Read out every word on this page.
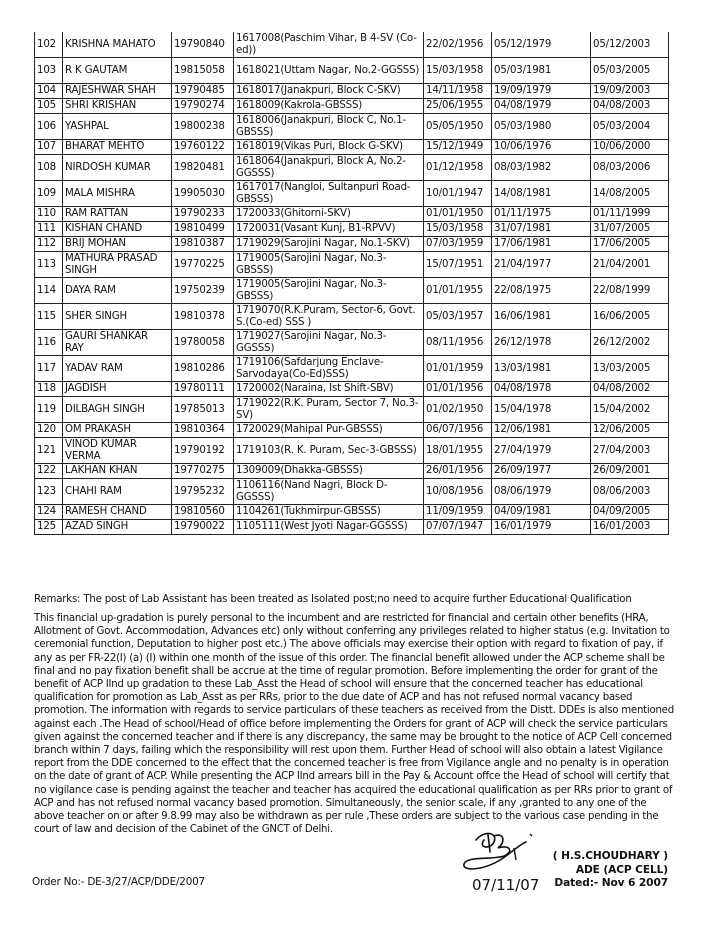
102	KRISHNA MAHATO	19790840	1617008(Paschim Vihar, B 4-SV (Co-ed))	22/02/1956	05/12/1979	05/12/2003
103	R K GAUTAM	19815058	1618021(Uttam Nagar, No.2-GGSSS)	15/03/1958	05/03/1981	05/03/2005
104	RAJESHWAR SHAH	19790485	1618017(Janakpuri, Block C-SKV)	14/11/1958	19/09/1979	19/09/2003
105	SHRI KRISHAN	19790274	1618009(Kakrola-GBSSS)	25/06/1955	04/08/1979	04/08/2003
106	YASHPAL	19800238	1618006(Janakpuri, Block C, No.1-GBSSS)	05/05/1950	05/03/1980	05/03/2004
107	BHARAT MEHTO	19760122	1618019(Vikas Puri, Block G-SKV)	15/12/1949	10/06/1976	10/06/2000
108	NIRDOSH KUMAR	19820481	1618064(Janakpuri, Block A, No.2-GGSSS)	01/12/1958	08/03/1982	08/03/2006
109	MALA MISHRA	19905030	1617017(Nangloi, Sultanpuri Road-GBSSS)	10/01/1947	14/08/1981	14/08/2005
110	RAM RATTAN	19790233	1720033(Ghitorni-SKV)	01/01/1950	01/11/1975	01/11/1999
111	KISHAN CHAND	19810499	1720031(Vasant Kunj, B1-RPVV)	15/03/1958	31/07/1981	31/07/2005
112	BRIJ MOHAN	19810387	1719029(Sarojini Nagar, No.1-SKV)	07/03/1959	17/06/1981	17/06/2005
113	MATHURA PRASAD SINGH	19770225	1719005(Sarojini Nagar, No.3-GBSSS)	15/07/1951	21/04/1977	21/04/2001
114	DAYA RAM	19750239	1719005(Sarojini Nagar, No.3-GBSSS)	01/01/1955	22/08/1975	22/08/1999
115	SHER SINGH	19810378	1719070(R.K.Puram, Sector-6, Govt. S.(Co-ed) SSS )	05/03/1957	16/06/1981	16/06/2005
116	GAURI SHANKAR RAY	19780058	1719027(Sarojini Nagar, No.3-GGSSS)	08/11/1956	26/12/1978	26/12/2002
117	YADAV RAM	19810286	1719106(Safdarjung Enclave-Sarvodaya(Co-Ed)SSS)	01/01/1959	13/03/1981	13/03/2005
118	JAGDISH	19780111	1720002(Naraina, Ist Shift-SBV)	01/01/1956	04/08/1978	04/08/2002
119	DILBAGH SINGH	19785013	1719022(R.K. Puram, Sector 7, No.3-SV)	01/02/1950	15/04/1978	15/04/2002
120	OM PRAKASH	19810364	1720029(Mahipal Pur-GBSSS)	06/07/1956	12/06/1981	12/06/2005
121	VINOD KUMAR VERMA	19790192	1719103(R. K. Puram, Sec-3-GBSSS)	18/01/1955	27/04/1979	27/04/2003
122	LAKHAN KHAN	19770275	1309009(Dhakka-GBSSS)	26/01/1956	26/09/1977	26/09/2001
123	CHAHI RAM	19795232	1106116(Nand Nagri, Block D-GGSSS)	10/08/1956	08/06/1979	08/06/2003
124	RAMESH CHAND	19810560	1104261(Tukhmirpur-GBSSS)	11/09/1959	04/09/1981	04/09/2005
125	AZAD SINGH	19790022	1105111(West Jyoti Nagar-GGSSS)	07/07/1947	16/01/1979	16/01/2003
Remarks: The post of Lab Assistant has been treated as Isolated post;no need to acquire further Educational Qualification
This financial up-gradation is purely personal to the incumbent and are restricted for financial and certain other benefits (HRA, Allotment of Govt. Accommodation, Advances etc) only without conferring any privileges related to higher status (e.g. Invitation to ceremonial function, Deputation to higher post etc.) The above officials may exercise their option with regard to fixation of pay, if any as per FR-22(I) (a) (I) within one month of the issue of this order. The financial benefit allowed under the ACP scheme shall be final and no pay fixation benefit shall be accrue at the time of regular promotion. Before implementing the order for grant of the benefit of ACP IInd up gradation to these Lab_Asst the Head of school will ensure that the concerned teacher has educational qualification for promotion as Lab_Asst as per RRs, prior to the due date of ACP and has not refused normal vacancy based promotion. The information with regards to service particulars of these teachers as received from the Distt. DDEs is also mentioned against each .The Head of school/Head of office before implementing the Orders for grant of ACP will check the service particulars given against the concerned teacher and if there is any discrepancy, the same may be brought to the notice of ACP Cell concerned branch within 7 days, failing which the responsibility will rest upon them. Further Head of school will also obtain a latest Vigilance report from the DDE concerned to the effect that the concerned teacher is free from Vigilance angle and no penalty is in operation on the date of grant of ACP. While presenting the ACP IInd arrears bill in the Pay & Account offce the Head of school will certify that no vigilance case is pending against the teacher and teacher has acquired the educational qualification as per RRs prior to grant of ACP and has not refused normal vacancy based promotion. Simultaneously, the senior scale, if any ,granted to any one of the above teacher on or after 9.8.99 may also be withdrawn as per rule ,These orders are subject to the various case pending in the court of law and decision of the Cabinet of the GNCT of Delhi.
07/11/07
( H.S.CHOUDHARY )
ADE (ACP CELL)
Dated:- Nov 6 2007
Order No:- DE-3/27/ACP/DDE/2007
